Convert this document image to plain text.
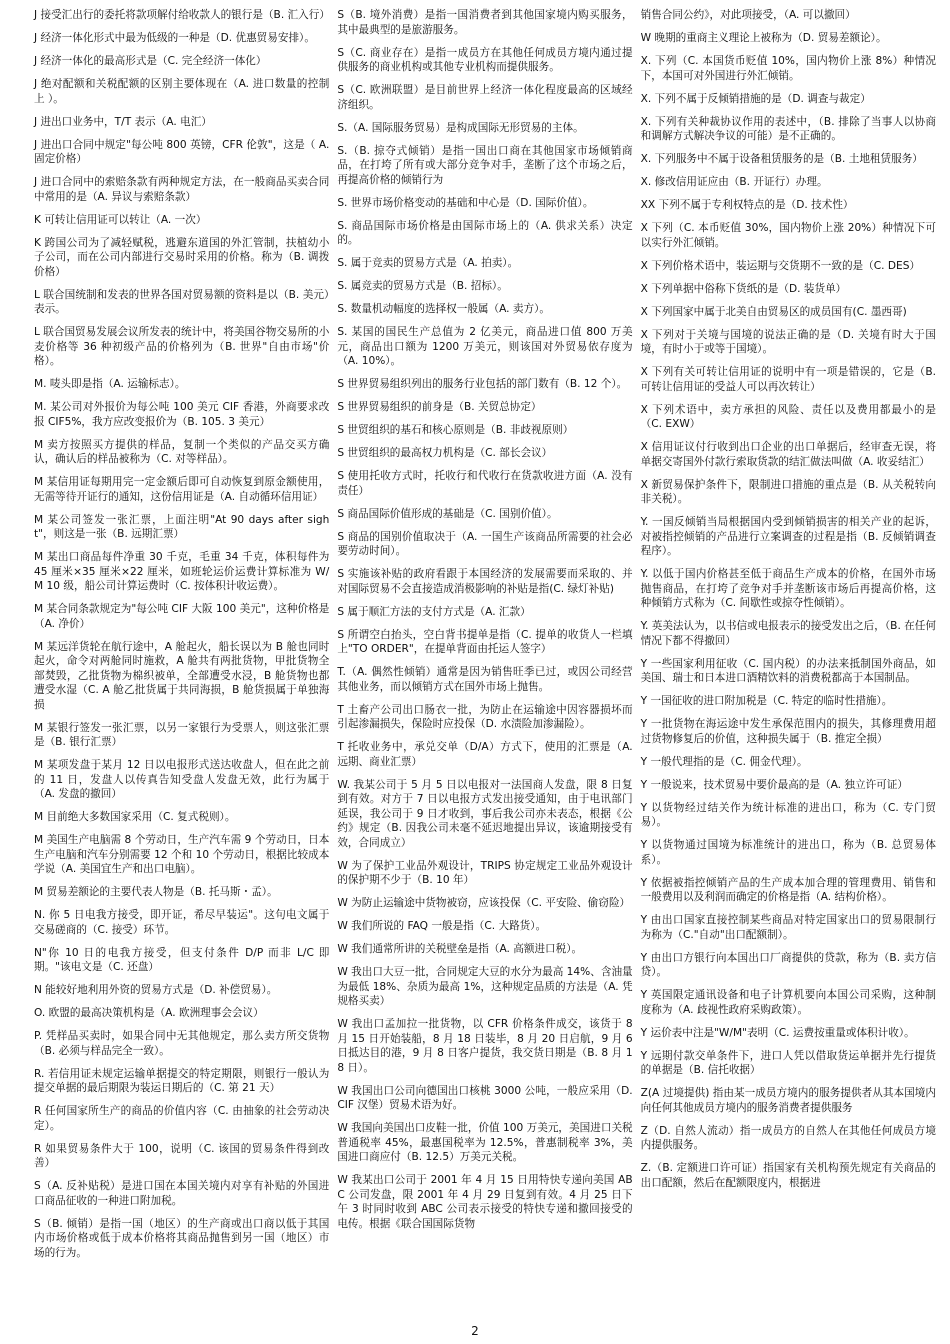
J 接受汇出行的委托将款项解付给收款人的银行是（B. 汇入行）

J 经济一体化形式中最为低级的一种是（D. 优惠贸易安排）。

J 经济一体化的最高形式是（C. 完全经济一体化）

J 绝对配额和关税配额的区别主要体现在（A. 进口数量的控制上 ）。

J 进出口业务中，T/T 表示（A. 电汇）

J 进出口合同中规定"每公吨 800 英镑，CFR 伦敦"，这是（ A. 固定价格）

J 进口合同中的索赔条款有两种规定方法，在一般商品买卖合同中常用的是（A. 异议与索赔条款）

K 可转让信用证可以转让（A. 一次）

K 跨国公司为了减轻赋税，逃避东道国的外汇管制，扶植幼小子公司，而在公司内部进行交易时采用的价格。称为（B. 调拨价格）

L 联合国统制和发表的世界各国对贸易额的资料是以（B. 美元）表示。

L 联合国贸易发展会议所发表的统计中，将美国谷物交易所的小麦价格等 36 种初级产品的价格列为（B. 世界"自由市场"价格）。

M. 唛头即是指（A. 运输标志）。

M. 某公司对外报价为每公吨 100 美元 CIF 香港，外商要求改报 CIF5%，我方应改变报价为（B. 105. 3 美元）

M 卖方按照买方提供的样品，复制一个类似的产品交买方确认，确认后的样品被称为（C. 对等样品）。

M 某信用证每期用完一定金额后即可自动恢复到原金额使用，无需等待开证行的通知，这份信用证是（A. 自动循环信用证）

M 某公司签发一张汇票，上面注明"At 90 days after sight"，则这是一张（B. 远期汇票）

M 某出口商品每件净重 30 千克，毛重 34 千克，体积每件为 45 厘米×35 厘米×22 厘米，如班轮运价运费计算标准为 W/M 10 级，船公司计算运费时（C. 按体积计收运费）。

M 某合同条款规定为"每公吨 CIF 大阪 100 美元"，这种价格是（A. 净价）

M 某远洋货轮在航行途中，A 舱起火，船长误以为 B 舱也同时起火，命令对两舱同时施救，A 舱共有两批货物，甲批货物全部焚毁，乙批货物为棉织被单，全部遭受水浸，B 舱货物也都遭受水湿（C. A 舱乙批货属于共同海损，B 舱货损属于单独海损

M 某银行签发一张汇票，以另一家银行为受票人，则这张汇票是（B. 银行汇票）

M 某项发盘于某月 12 日以电报形式送达收盘人，但在此之前的 11 日，发盘人以传真告知受盘人发盘无效，此行为属于（A. 发盘的撤回）

M 目前绝大多数国家采用（C. 复式税则）。

M 美国生产电脑需 8 个劳动日，生产汽车需 9 个劳动日，日本生产电脑和汽车分别需要 12 个和 10 个劳动日，根据比较成本学说（A. 美国宜生产和出口电脑）。

M 贸易差额论的主要代表人物是（B. 托马斯・孟）。

N. 你 5 日电我方接受，即开证，希尽早装运"。这句电文属于交易磋商的（C. 接受）环节。

N"你 10 日的电我方接受，但支付条件 D/P 而非 L/C 即期。"该电文是（C. 还盘）

N 能较好地利用外资的贸易方式是（D. 补偿贸易）。

O. 欧盟的最高决策机构是（A. 欧洲理事会会议）

P. 凭样品买卖时，如果合同中无其他规定，那么卖方所交货物（B. 必须与样品完全一致）。

R. 若信用证未规定运输单据提交的特定期限，则银行一般认为提交单据的最后期限为装运日期后的（C. 第 21 天）

R 任何国家所生产的商品的价值内容（C. 由抽象的社会劳动决定）。

R 如果贸易条件大于 100，说明（C. 该国的贸易条件得到改善）

S（A. 反补贴税）是进口国在本国关境内对享有补贴的外国进口商品征收的一种进口附加税。

S（B. 倾销）是指一国（地区）的生产商或出口商以低于其国内市场价格或低于成本价格将其商品抛售到另一国（地区）市场的行为。

S（B. 境外消费）是指一国消费者到其他国家境内购买服务，其中最典型的是旅游服务。

S（C. 商业存在）是指一成员方在其他任何成员方境内通过提供服务的商业机构或其他专业机构而提供服务。

S（C. 欧洲联盟）是目前世界上经济一体化程度最高的区域经济组织。

S.（A. 国际服务贸易）是构成国际无形贸易的主体。

S.（B. 掠夺式倾销）是指一国出口商在其他国家市场倾销商品，在打垮了所有或大部分竞争对手，垄断了这个市场之后，再提高价格的倾销行为

S. 世界市场价格变动的基础和中心是（D. 国际价值）。

S. 商品国际市场价格是由国际市场上的（A. 供求关系）决定的。

S. 属于竞卖的贸易方式是（A. 拍卖）。

S. 属竞卖的贸易方式是（B. 招标）。

S. 数量机动幅度的选择权一般属（A. 卖方）。

S. 某国的国民生产总值为 2 亿美元，商品进口值 800 万美元，商品出口额为 1200 万美元，则该国对外贸易依存度为（A. 10%）。

S 世界贸易组织列出的服务行业包括的部门数有（B. 12 个）。

S 世界贸易组织的前身是（B. 关贸总协定）

S 世贸组织的基石和核心原则是（B. 非歧视原则）

S 世贸组织的最高权力机构是（C. 部长会议）

S 使用托收方式时，托收行和代收行在货款收进方面（A. 没有责任）

S 商品国际价值形成的基础是（C. 国别价值）。

S 商品的国别价值取决于（A. 一国生产该商品所需要的社会必要劳动时间）。

S 实施该补贴的政府看跟于本国经济的发展需要而采取的、并对国际贸易不会直接造成消极影响的补贴是指(C. 绿灯补贴)

S 属于顺汇方法的支付方式是（A. 汇款）

S 所谓空白抬头，空白背书提单是指（C. 提单的收货人一栏填上"TO ORDER"，在提单背面由托运人签字）

T.（A. 偶然性倾销）通常是因为销售旺季已过，或因公司经营其他业务，而以倾销方式在国外市场上抛售。

T 土畜产公司出口肠衣一批，为防止在运输途中因容器损坏而引起渗漏损失，保险时应投保（D. 水渍险加渗漏险）。

T 托收业务中，承兑交单（D/A）方式下，使用的汇票是（A. 远期、商业汇票）

W. 我某公司于 5 月 5 日以电报对一法国商人发盘，限 8 日复到有效。对方于 7 日以电报方式发出接受通知，由于电讯部门延误，我公司于 9 日才收到，事后我公司亦未表态，根据《公约》规定（B. 因我公司未毫不延迟地提出异议，该逾期接受有效，合同成立）

W 为了保护工业品外观设计，TRIPS 协定规定工业品外观设计的保护期不少于（B. 10 年）

W 为防止运输途中货物被窃，应该投保（C. 平安险、偷窃险）

W 我们所说的 FAQ 一般是指（C. 大路货）。

W 我们通常所讲的关税壁垒是指（A. 高额进口税）。

W 我出口大豆一批，合同规定大豆的水分为最高 14%、含油量为最低 18%、杂质为最高 1%，这种规定品质的方法是（A. 凭规格买卖）

W 我出口孟加拉一批货物，以 CFR 价格条件成交，该货于 8 月 15 日开始装船，8 月 18 日装毕，8 月 20 日启航，9 月 6 日抵达目的港，9 月 8 日客户提货，我交货日期是（B. 8 月 18 日）。

W 我国出口公司向德国出口核桃 3000 公吨，一般应采用（D. CIF 汉堡）贸易术语为好。

W 我国向美国出口皮鞋一批，价值 100 万美元，美国进口关税普通税率 45%，最惠国税率为 12.5%，普惠制税率 3%，美国进口商应付（B. 12.5）万美元关税。

W 我某出口公司于 2001 年 4 月 15 日用特快专递向美国 ABC 公司发盘，限 2001 年 4 月 29 日复到有效。4 月 25 日下午 3 时同时收到 ABC 公司表示接受的特快专递和撤回接受的电传。根据《联合国国际货物

销售合同公约》，对此项接受，（A. 可以撤回）

W 晚期的重商主义理论上被称为（D. 贸易差额论）。

X. 下列（C. 本国货币贬值 10%，国内物价上涨 8%）种情况下，本国可对外国进行外汇倾销。

X. 下列不属于反倾销措施的是（D. 调查与裁定）

X. 下列有关种裁协议作用的表述中，（B. 排除了当事人以协商和调解方式解决争议的可能）是不正确的。

X. 下列服务中不属于设备租赁服务的是（B. 土地租赁服务）

X. 修改信用证应由（B. 开证行）办理。

XX 下列不属于专利权特点的是（D. 技术性）

X 下列（C. 本币贬值 30%，国内物价上涨 20%）种情况下可以实行外汇倾销。

X 下列价格术语中，装运期与交货期不一致的是（C. DES）

X 下列单据中俗称下货纸的是（D. 装货单）

X 下列国家中属于北美自由贸易区的成员国有(C. 墨西哥)

X 下列对于关境与国境的说法正确的是（D. 关境有时大于国境，有时小于或等于国境）。

X 下列有关可转让信用证的说明中有一项是错误的，它是（B. 可转让信用证的受益人可以再次转让）

X 下列术语中，卖方承担的风险、责任以及费用都最小的是（C. EXW）

X 信用证议付行收到出口企业的出口单据后，经审查无误，将单据交寄国外付款行索取货款的结汇做法叫做（A. 收妥结汇）

X 新贸易保护条件下，限制进口措施的重点是（B. 从关税转向非关税）。

Y. 一国反倾销当局根据国内受到倾销损害的相关产业的起诉，对被指控倾销的产品进行立案调查的过程是指（B. 反倾销调查程序）。

Y. 以低于国内价格甚至低于商品生产成本的价格，在国外市场抛售商品，在打垮了竞争对手并垄断该市场后再提高价格，这种倾销方式称为（C. 间歇性或掠夺性倾销）。

Y. 英美法认为，以书信或电报表示的接受发出之后，（B. 在任何情况下都不得撤回）

Y 一些国家利用征收（C. 国内税）的办法来抵制国外商品，如美国、瑞士和日本进口酒精饮料的消费税都高于本国制品。

Y 一国征收的进口附加税是（C. 特定的临时性措施）。

Y 一批货物在海运途中发生承保范围内的损失，其修理费用超过货物修复后的价值，这种损失属于（B. 推定全损）

Y 一般代理指的是（C. 佣金代理）。

Y 一般说来，技术贸易中要价最高的是（A. 独立许可证）

Y 以货物经过结关作为统计标准的进出口，称为（C. 专门贸易）。

Y 以货物通过国境为标准统计的进出口，称为（B. 总贸易体系）。

Y 依据被指控倾销产品的生产成本加合理的管理费用、销售和一般费用以及利润而确定的价格是指（A. 结构价格）。

Y 由出口国家直接控制某些商品对特定国家出口的贸易限制行为称为（C."自动"出口配额制）。

Y 由出口方银行向本国出口厂商提供的贷款，称为（B. 卖方信贷）。

Y 英国限定通讯设备和电子计算机要向本国公司采购，这种制度称为（A. 歧视性政府采购政策）。

Y 运价表中注是"W/M"表明（C. 运费按重量或体积计收）。

Y 远期付款交单条件下，进口人凭以借取货运单据并先行提货的单据是（B. 信托收据）

Z(A 过境提供) 指由某一成员方境内的服务提供者从其本国境内向任何其他成员方境内的服务消费者提供服务

Z（D. 自然人流动）指一成员方的自然人在其他任何成员方境内提供服务。

Z.（B. 定额进口许可证）指国家有关机构预先规定有关商品的出口配额，然后在配额限度内，根据进

2
